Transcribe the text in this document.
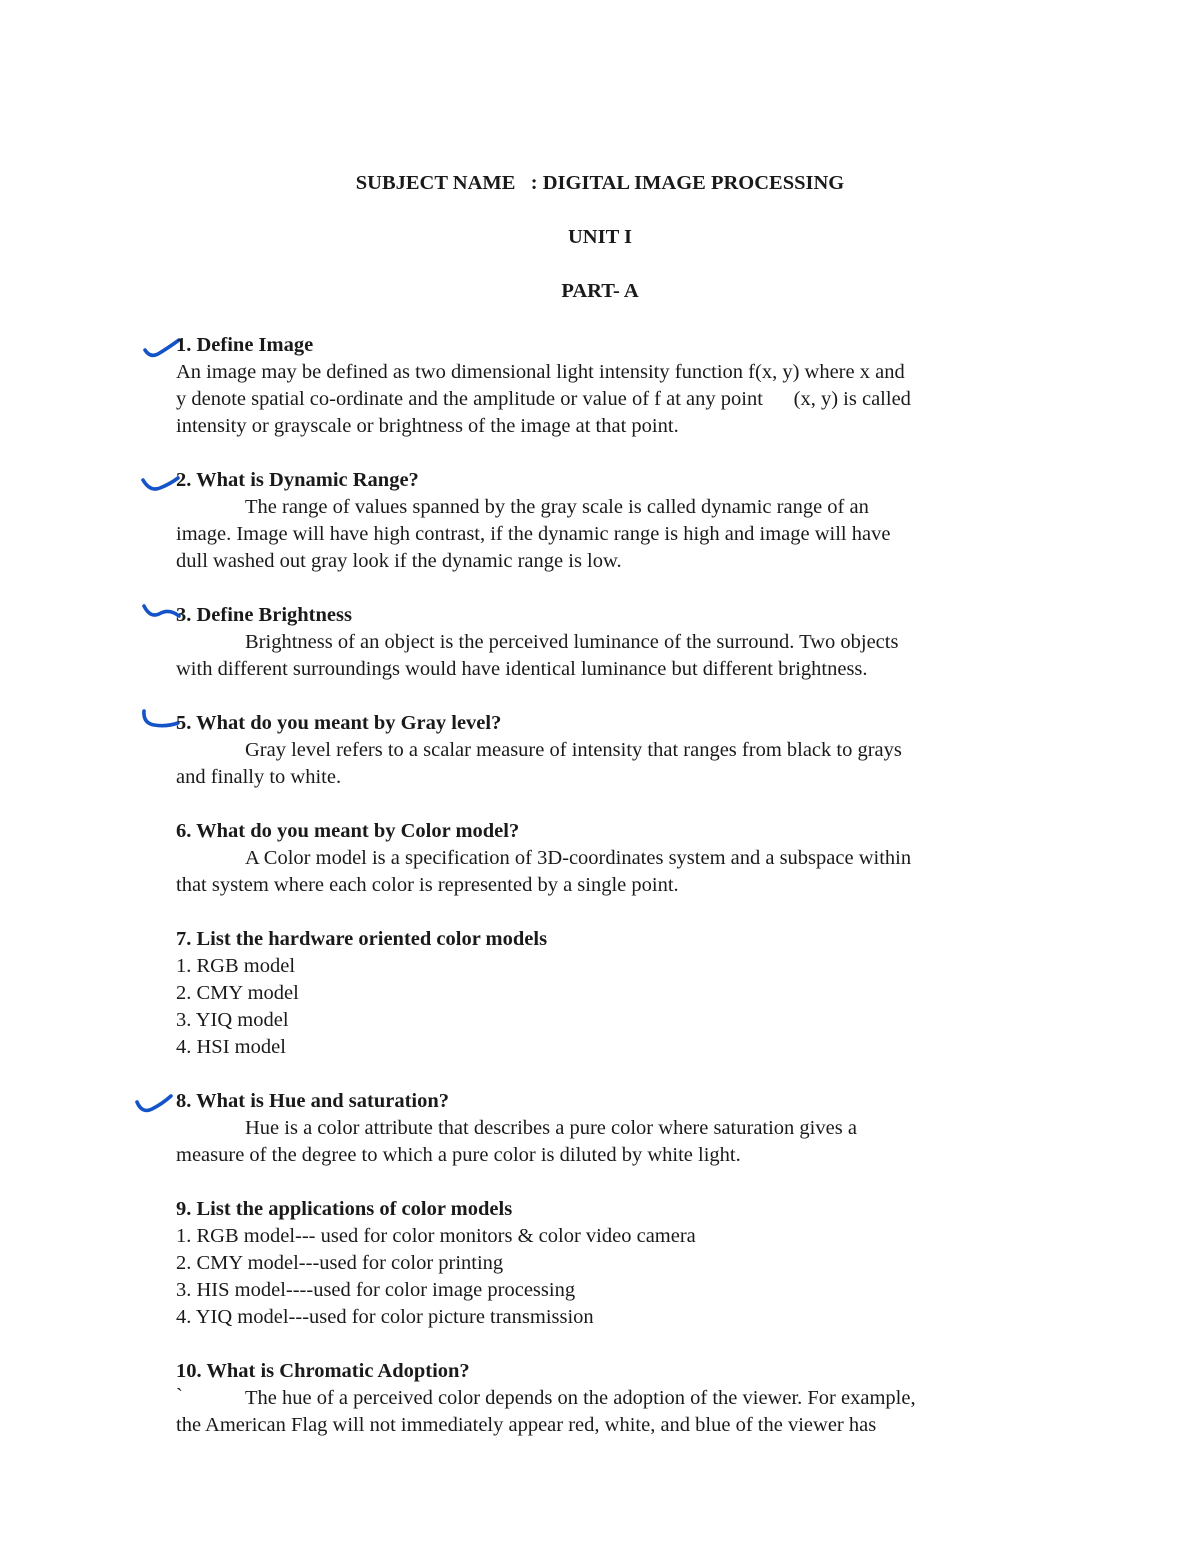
SUBJECT NAME   : DIGITAL IMAGE PROCESSING
UNIT I
PART- A
1. Define Image
An image may be defined as two dimensional light intensity function f(x, y) where x and
y denote spatial co-ordinate and the amplitude or value of f at any point      (x, y) is called
intensity or grayscale or brightness of the image at that point.
2. What is Dynamic Range?
The range of values spanned by the gray scale is called dynamic range of an
image. Image will have high contrast, if the dynamic range is high and image will have
dull washed out gray look if the dynamic range is low.
3. Define Brightness
Brightness of an object is the perceived luminance of the surround. Two objects
with different surroundings would have identical luminance but different brightness.
5. What do you meant by Gray level?
Gray level refers to a scalar measure of intensity that ranges from black to grays
and finally to white.
6. What do you meant by Color model?
A Color model is a specification of 3D-coordinates system and a subspace within
that system where each color is represented by a single point.
7. List the hardware oriented color models
1. RGB model
2. CMY model
3. YIQ model
4. HSI model
8. What is Hue and saturation?
Hue is a color attribute that describes a pure color where saturation gives a
measure of the degree to which a pure color is diluted by white light.
9. List the applications of color models
1. RGB model--- used for color monitors & color video camera
2. CMY model---used for color printing
3. HIS model----used for color image processing
4. YIQ model---used for color picture transmission
10. What is Chromatic Adoption?
`	The hue of a perceived color depends on the adoption of the viewer. For example,
the American Flag will not immediately appear red, white, and blue of the viewer has
